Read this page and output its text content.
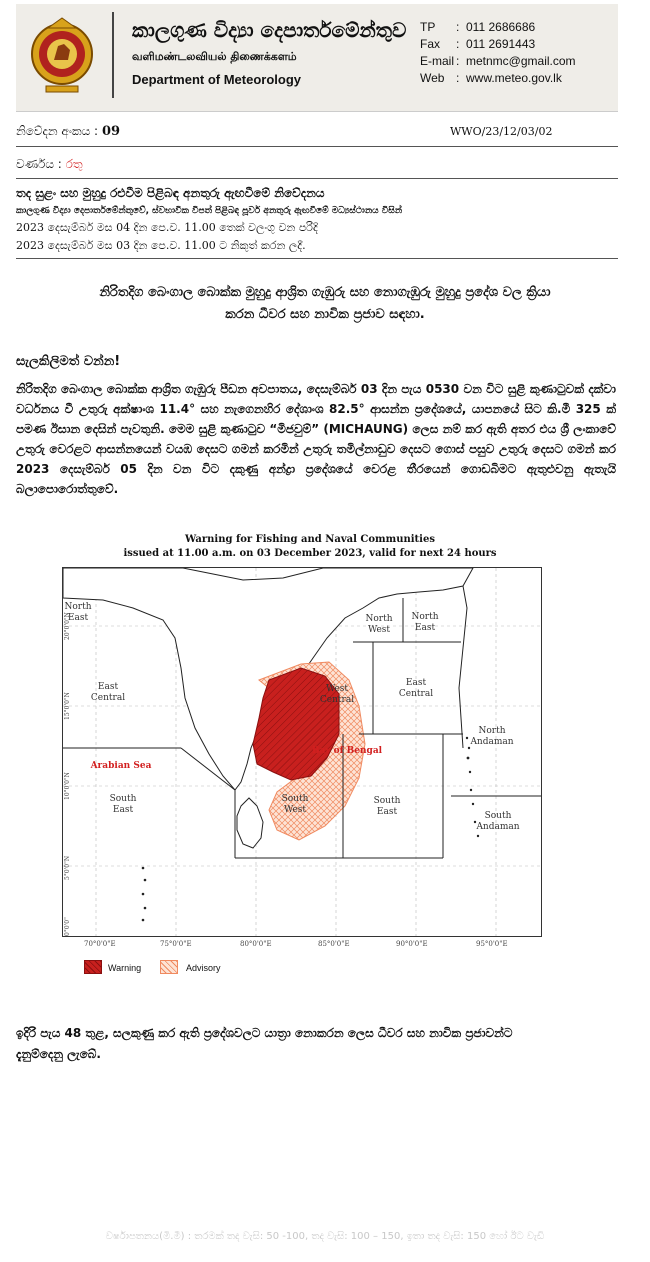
කාලගුණ විද්‍යා දෙපාර්තමේන්තුව
வளிமண்டலவியல் திணைக்களம்
Department of Meteorology
TP	: 011 2686686
Fax	: 011 2691443
E-mail : metnmc@gmail.com
Web : www.meteo.gov.lk
නිවේදන අංකය : 09	WWO/23/12/03/02
වර්ණය : රතු
තද සුළං සහ මුහුදු රළුවීම පිළිබඳ අනතුරු ඇඟවීමේ නිවේදනය
කාලගුණ විද්‍යා දෙපාර්තමේන්තුවේ, ස්වභාවික විපත් පිළිබඳ පූර්ව අනතුරු ඇඟවීමේ මධ්‍යස්ථානය විසින්
2023 දෙසැම්බර් මස 04 දින පෙ.ව. 11.00 තෙක් වලංගු වන පරිදි
2023 දෙසැම්බර් මස 03 දින පෙ.ව. 11.00 ට නිකුත් කරන ලදී.
නිරිතදිග බෙංගාල බොක්ක මුහුදු ආශ්‍රිත ගැඹුරු සහ නොගැඹුරු මුහුදු ප්‍රදේශ වල ක්‍රියා
කරන ධීවර සහ නාවික ප්‍රජාව සඳහා.
සැලකිලිමත් වන්න!
නිරිතදිග බෙංගාල බොක්ක ආශ්‍රිත ගැඹුරු පීඩන අවපාතය, දෙසැම්බර් 03 දින පැය 0530 වන විට සුළි කුණාටුවක් දක්වා වර්ධනය වී උතුරු අක්ෂාංශ 11.4° සහ නැගෙනහිර දේශාංශ 82.5° ආසන්න ප්‍රදේශයේ, යාපනයේ සිට කි.මී 325 ක් පමණ ඊසාන දෙසින් පැවතුනි. මෙම සුළි කුණාටුව “මිජවුම්” (MICHAUNG) ලෙස නම් කර ඇති අතර එය ශ්‍රී ලංකාවේ උතුරු වෙරළට ආසන්නයෙන් වයඹ දෙසට ගමන් කරමින් උතුරු තමිල්නාඩුව දෙසට ගොස් පසුව උතුරු දෙසට ගමන් කර 2023 දෙසැම්බර් 05 දින වන විට දකුණු අන්ද්‍රා ප්‍රදේශයේ වෙරළ තීරයෙන් ගොඩබිමට ඇතුළුවනු ඇතැයි බලාපොරොත්තුවේ.
Warning for Fishing and Naval Communities
issued at 11.00 a.m. on 03 December 2023, valid for next 24 hours
North
East	North
West
North
East
East
Central
West
Central
East
Central
North
Andaman
Arabian Sea
Bay of Bengal
South
East
South
West
South
East	South
Andaman
20°0'0"N
15°0'0"N
10°0'0"N
5°0'0"N
0°0'0"
70°0'0"E	75°0'0"E	80°0'0"E	85°0'0"E	90°0'0"E	95°0'0"E
Warning	Advisory
ඉදිරි පැය 48 තුළ, සලකුණු කර ඇති ප්‍රදේශවලට යාත්‍රා නොකරන ලෙස ධීවර සහ නාවික ප්‍රජාවන්ට
දැනුම්දෙනු ලැබේ.
වර්ෂාපතනය(මි.මී) : තරමක් තද වැසි: 50 -100, තද වැසි: 100 – 150, ඉතා තද වැසි: 150 හෝ ඊට වැඩි
